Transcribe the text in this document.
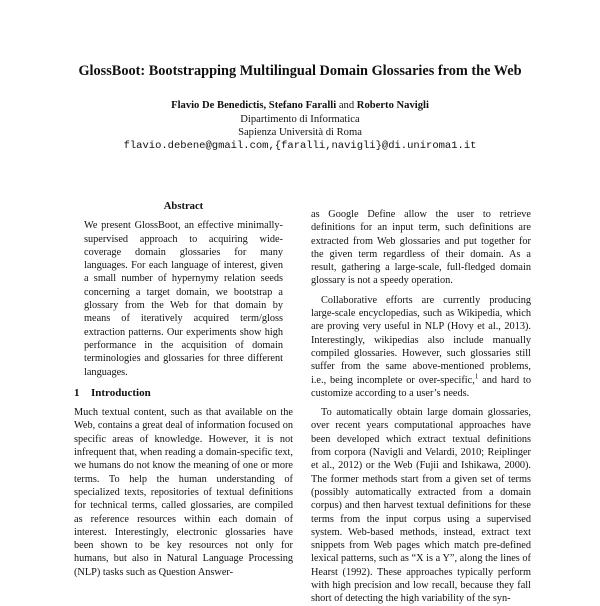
GlossBoot: Bootstrapping Multilingual Domain Glossaries from the Web
Flavio De Benedictis, Stefano Faralli and Roberto Navigli
Dipartimento di Informatica
Sapienza Università di Roma
flavio.debene@gmail.com,{faralli,navigli}@di.uniroma1.it
Abstract
We present GlossBoot, an effective minimally-supervised approach to acquiring wide-coverage domain glossaries for many languages. For each language of interest, given a small number of hypernymy relation seeds concerning a target domain, we bootstrap a glossary from the Web for that domain by means of iteratively acquired term/gloss extraction patterns. Our experiments show high performance in the acquisition of domain terminologies and glossaries for three different languages.
1 Introduction

Much textual content, such as that available on the Web, contains a great deal of information focused on specific areas of knowledge. However, it is not infrequent that, when reading a domain-specific text, we humans do not know the meaning of one or more terms. To help the human understanding of specialized texts, repositories of textual definitions for technical terms, called glossaries, are compiled as reference resources within each domain of interest. Interestingly, electronic glossaries have been shown to be key resources not only for humans, but also in Natural Language Processing (NLP) tasks such as Question Answer-

as Google Define allow the user to retrieve definitions for an input term, such definitions are extracted from Web glossaries and put together for the given term regardless of their domain. As a result, gathering a large-scale, full-fledged domain glossary is not a speedy operation.

Collaborative efforts are currently producing large-scale encyclopedias, such as Wikipedia, which are proving very useful in NLP (Hovy et al., 2013). Interestingly, wikipedias also include manually compiled glossaries. However, such glossaries still suffer from the same above-mentioned problems, i.e., being incomplete or over-specific,$^1$ and hard to customize according to a user’s needs.

To automatically obtain large domain glossaries, over recent years computational approaches have been developed which extract textual definitions from corpora (Navigli and Velardi, 2010; Reiplinger et al., 2012) or the Web (Fujii and Ishikawa, 2000). The former methods start from a given set of terms (possibly automatically extracted from a domain corpus) and then harvest textual definitions for these terms from the input corpus using a supervised system. Web-based methods, instead, extract text snippets from Web pages which match pre-defined lexical patterns, such as “X is a Y”, along the lines of Hearst (1992). These approaches typically perform with high precision and low recall, because they fall short of detecting the high variability of the syn-
